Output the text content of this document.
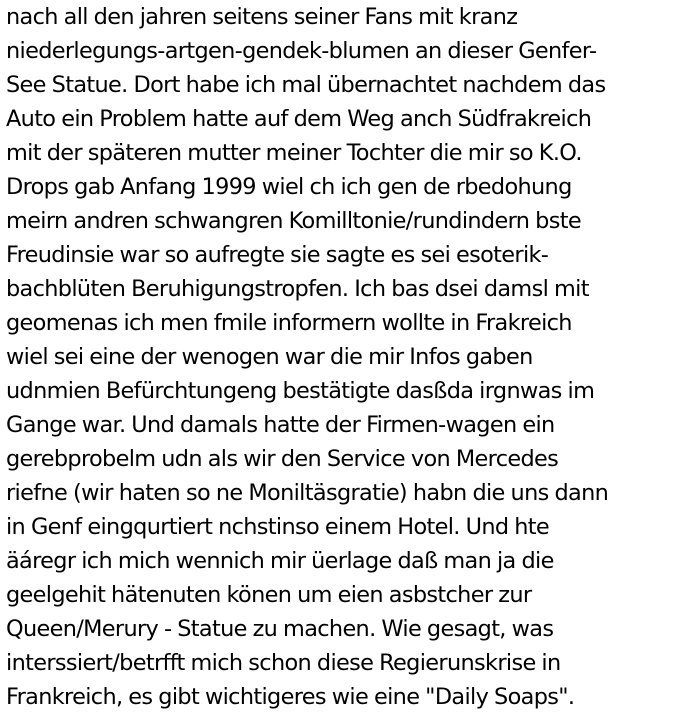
nach all den jahren seitens seiner Fans mit kranz
niederlegungs-artgen-gendek-blumen an dieser Genfer-
See Statue. Dort habe ich mal übernachtet nachdem das
Auto ein Problem hatte auf dem Weg anch Südfrakreich
mit der späteren mutter meiner Tochter die mir so K.O.
Drops gab Anfang 1999 wiel ch ich gen de rbedohung
meirn andren schwangren Komilltonie/rundindern bste
Freudinsie war so aufregte sie sagte es sei esoterik-
bachblüten Beruhigungstropfen. Ich bas dsei damsl mit
geomenas ich men fmile informern wollte in Frakreich
wiel sei eine der wenogen war die mir Infos gaben
udnmien Befürchtungeng bestätigte dasßda irgnwas im
Gange war. Und damals hatte der Firmen-wagen ein
gerebprobelm udn als wir den Service von Mercedes
riefne (wir haten so ne Moniltäsgratie) habn die uns dann
in Genf eingqurtiert nchstinso einem Hotel. Und hte
äáregr ich mich wennich mir üerlage daß man ja die
geelgehit hätenuten könen um eien asbstcher zur
Queen/Merury - Statue zu machen. Wie gesagt, was
interssiert/betrfft mich schon diese Regierunskrise in
Frankreich, es gibt wichtigeres wie eine "Daily Soaps".
